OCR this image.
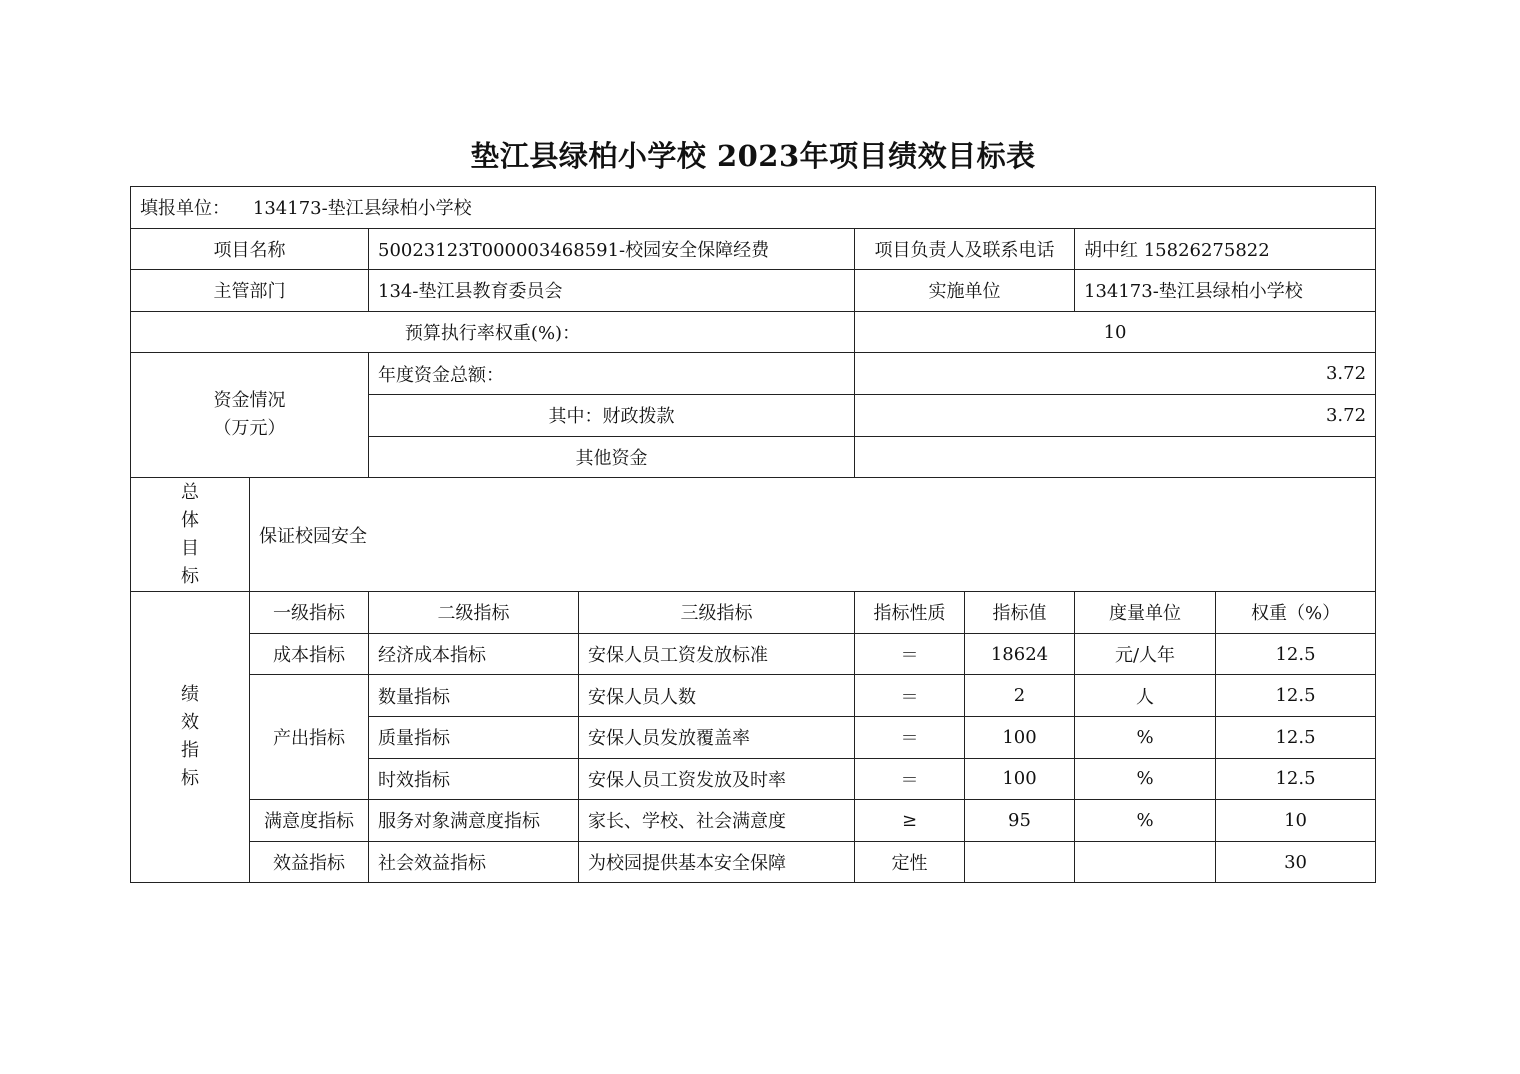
垫江县绿柏小学校 2023年项目绩效目标表
填报单位： 134173-垫江县绿柏小学校							
项目名称		50023123T000003468591-校园安全保障经费		项目负责人及联系电话		胡中红 15826275822	
主管部门		134-垫江县教育委员会		实施单位		134173-垫江县绿柏小学校	
预算执行率权重(%)：				10			

资金情况
（万元）		年度资金总额：		3.72			
		其中：财政拨款		3.72			
		其他资金					

总
体
目
标	保证校园安全						

绩
效
指
标	一级指标	二级指标	三级指标	指标性质	指标值	度量单位	权重（%）
	成本指标	经济成本指标	安保人员工资发放标准	＝	18624	元/人年	12.5
	产出指标	数量指标	安保人员人数	＝	2	人	12.5
		质量指标	安保人员发放覆盖率	＝	100	%	12.5
		时效指标	安保人员工资发放及时率	＝	100	%	12.5
	满意度指标	服务对象满意度指标	家长、学校、社会满意度	≥	95	%	10
	效益指标	社会效益指标	为校园提供基本安全保障	定性			30
